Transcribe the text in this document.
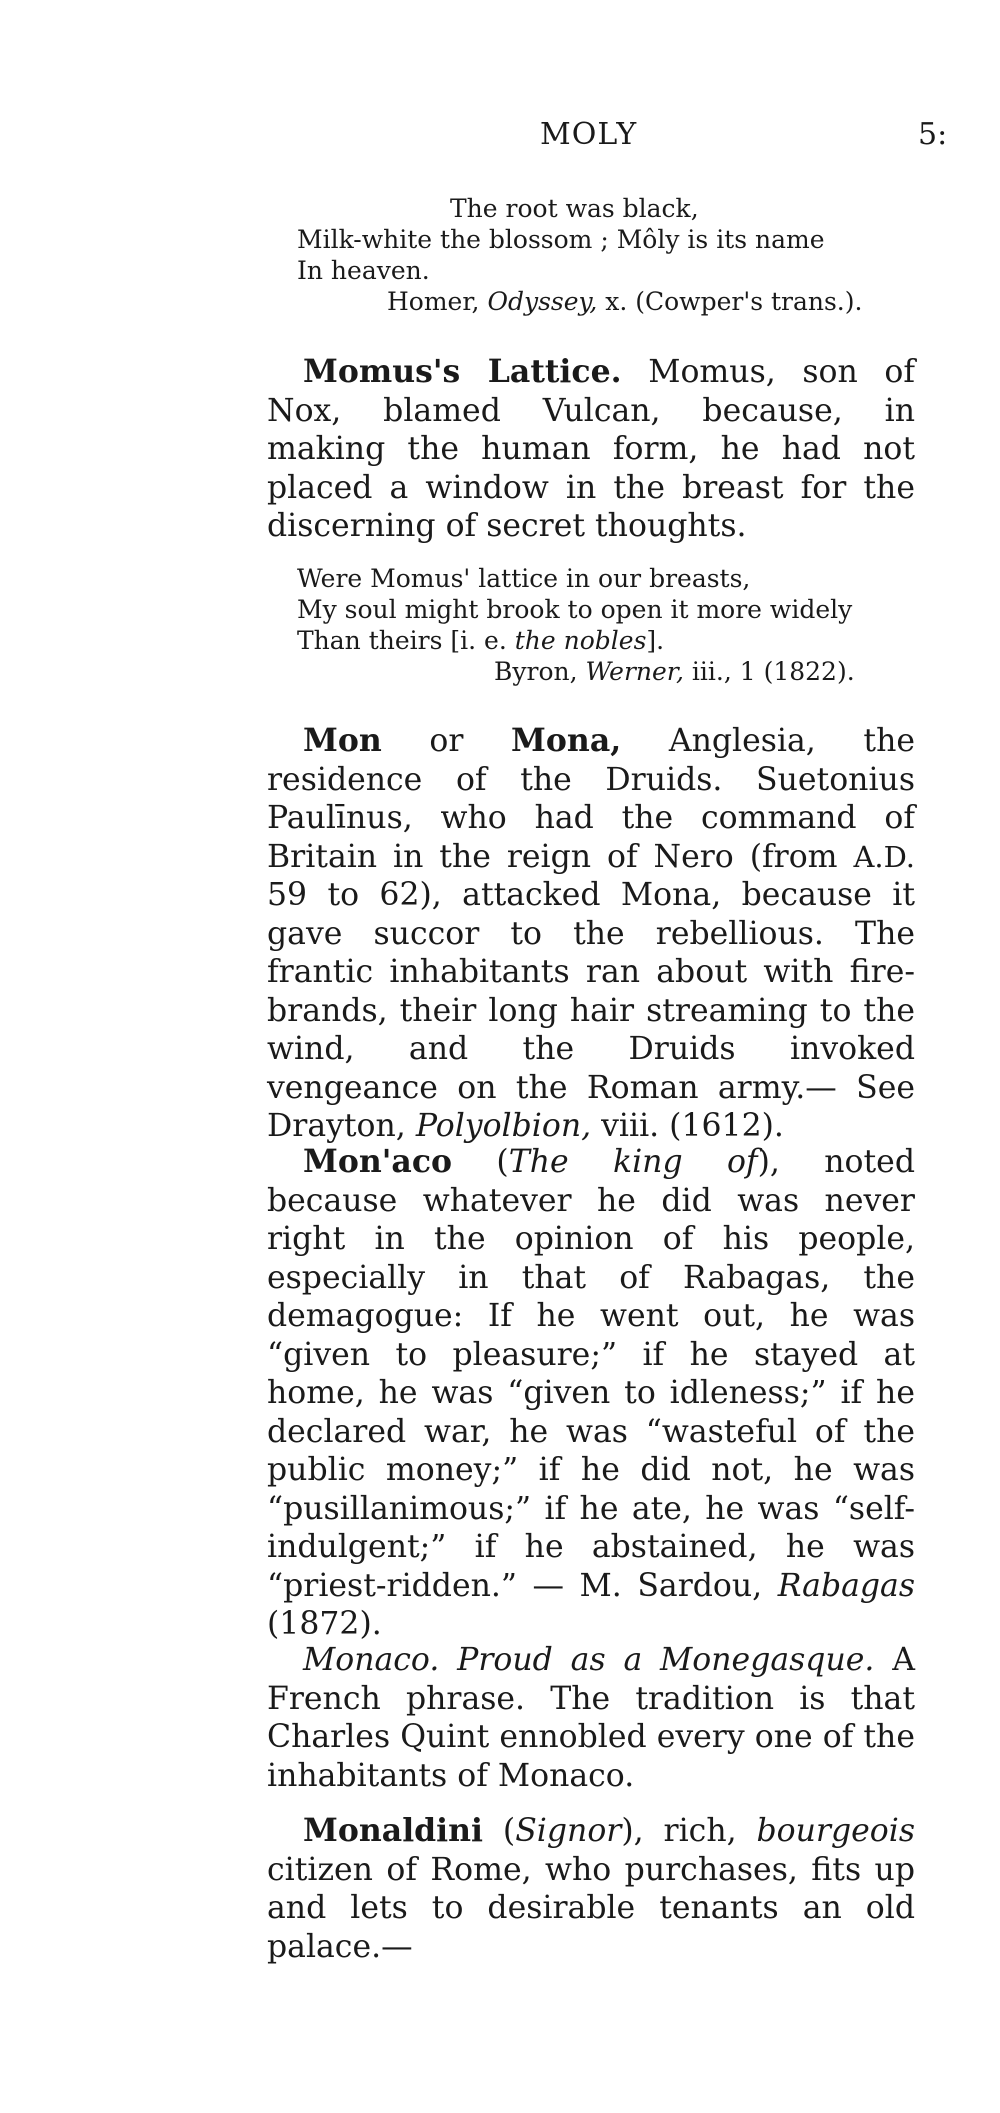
MOLY	5:
The root was black,
Milk-white the blossom ; Môly is its name
In heaven.
Homer, Odyssey, x. (Cowper's trans.).

Momus's Lattice. Momus, son of Nox, blamed Vulcan, because, in making the human form, he had not placed a window in the breast for the discerning of secret thoughts.

Were Momus' lattice in our breasts,
My soul might brook to open it more widely
Than theirs [i. e. the nobles].
Byron, Werner, iii., 1 (1822).

Mon or Mona, Anglesia, the residence of the Druids. Suetonius Paulīnus, who had the command of Britain in the reign of Nero (from A.D. 59 to 62), attacked Mona, because it gave succor to the rebellious. The frantic inhabitants ran about with fire-brands, their long hair streaming to the wind, and the Druids invoked vengeance on the Roman army.— See Drayton, Polyolbion, viii. (1612).

Mon'aco (The king of), noted because whatever he did was never right in the opinion of his people, especially in that of Rabagas, the demagogue: If he went out, he was “given to pleasure;” if he stayed at home, he was “given to idleness;” if he declared war, he was “wasteful of the public money;” if he did not, he was “pusillanimous;” if he ate, he was “self-indulgent;” if he abstained, he was “priest-ridden.” — M. Sardou, Rabagas (1872).

Monaco. Proud as a Monegasque. A French phrase. The tradition is that Charles Quint ennobled every one of the inhabitants of Monaco.

Monaldini (Signor), rich, bourgeois citizen of Rome, who purchases, fits up and lets to desirable tenants an old palace.—
